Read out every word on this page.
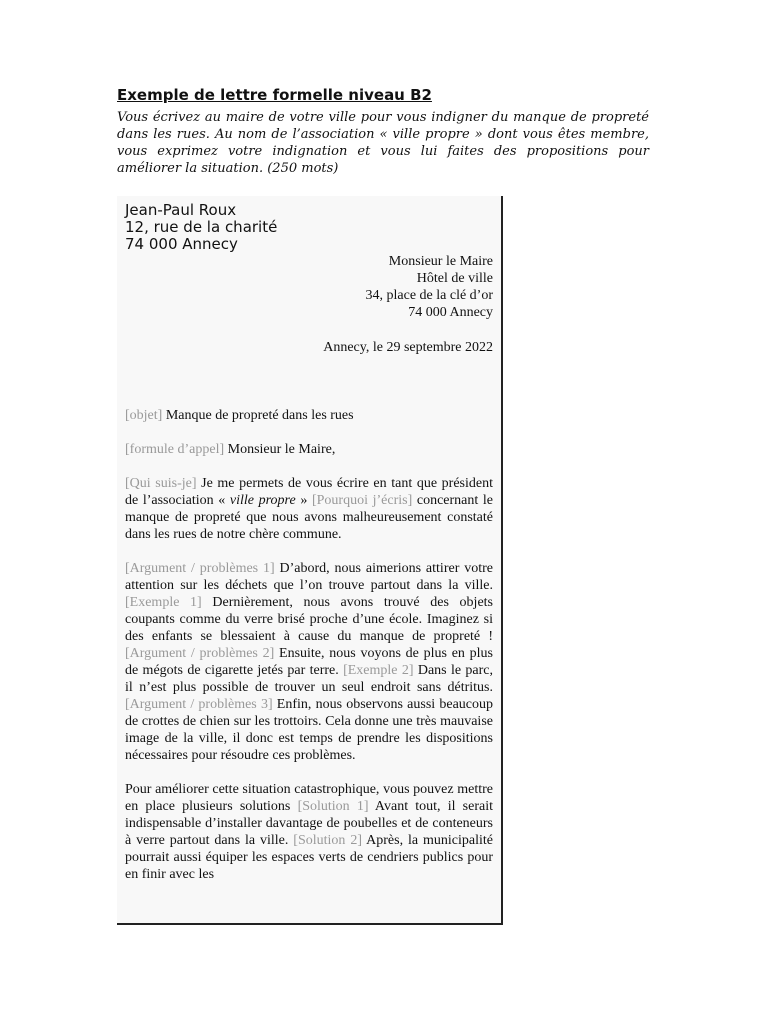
Exemple de lettre formelle niveau B2
Vous écrivez au maire de votre ville pour vous indigner du manque de propreté dans les rues. Au nom de l’association « ville propre » dont vous êtes membre, vous exprimez votre indignation et vous lui faites des propositions pour améliorer la situation. (250 mots)
Jean-Paul Roux
12, rue de la charité
74 000 Annecy
Monsieur le Maire
Hôtel de ville
34, place de la clé d’or
74 000 Annecy
Annecy, le 29 septembre 2022

[objet] Manque de propreté dans les rues

[formule d’appel] Monsieur le Maire,

[Qui suis-je] Je me permets de vous écrire en tant que président de l’association « ville propre » [Pourquoi j’écris] concernant le manque de propreté que nous avons malheureusement constaté dans les rues de notre chère commune.

[Argument / problèmes 1] D’abord, nous aimerions attirer votre attention sur les déchets que l’on trouve partout dans la ville. [Exemple 1] Dernièrement, nous avons trouvé des objets coupants comme du verre brisé proche d’une école. Imaginez si des enfants se blessaient à cause du manque de propreté ! [Argument / problèmes 2] Ensuite, nous voyons de plus en plus de mégots de cigarette jetés par terre. [Exemple 2] Dans le parc, il n’est plus possible de trouver un seul endroit sans détritus. [Argument / problèmes 3] Enfin, nous observons aussi beaucoup de crottes de chien sur les trottoirs. Cela donne une très mauvaise image de la ville, il donc est temps de prendre les dispositions nécessaires pour résoudre ces problèmes.

Pour améliorer cette situation catastrophique, vous pouvez mettre en place plusieurs solutions [Solution 1] Avant tout, il serait indispensable d’installer davantage de poubelles et de conteneurs à verre partout dans la ville. [Solution 2] Après, la municipalité pourrait aussi équiper les espaces verts de cendriers publics pour en finir avec les
